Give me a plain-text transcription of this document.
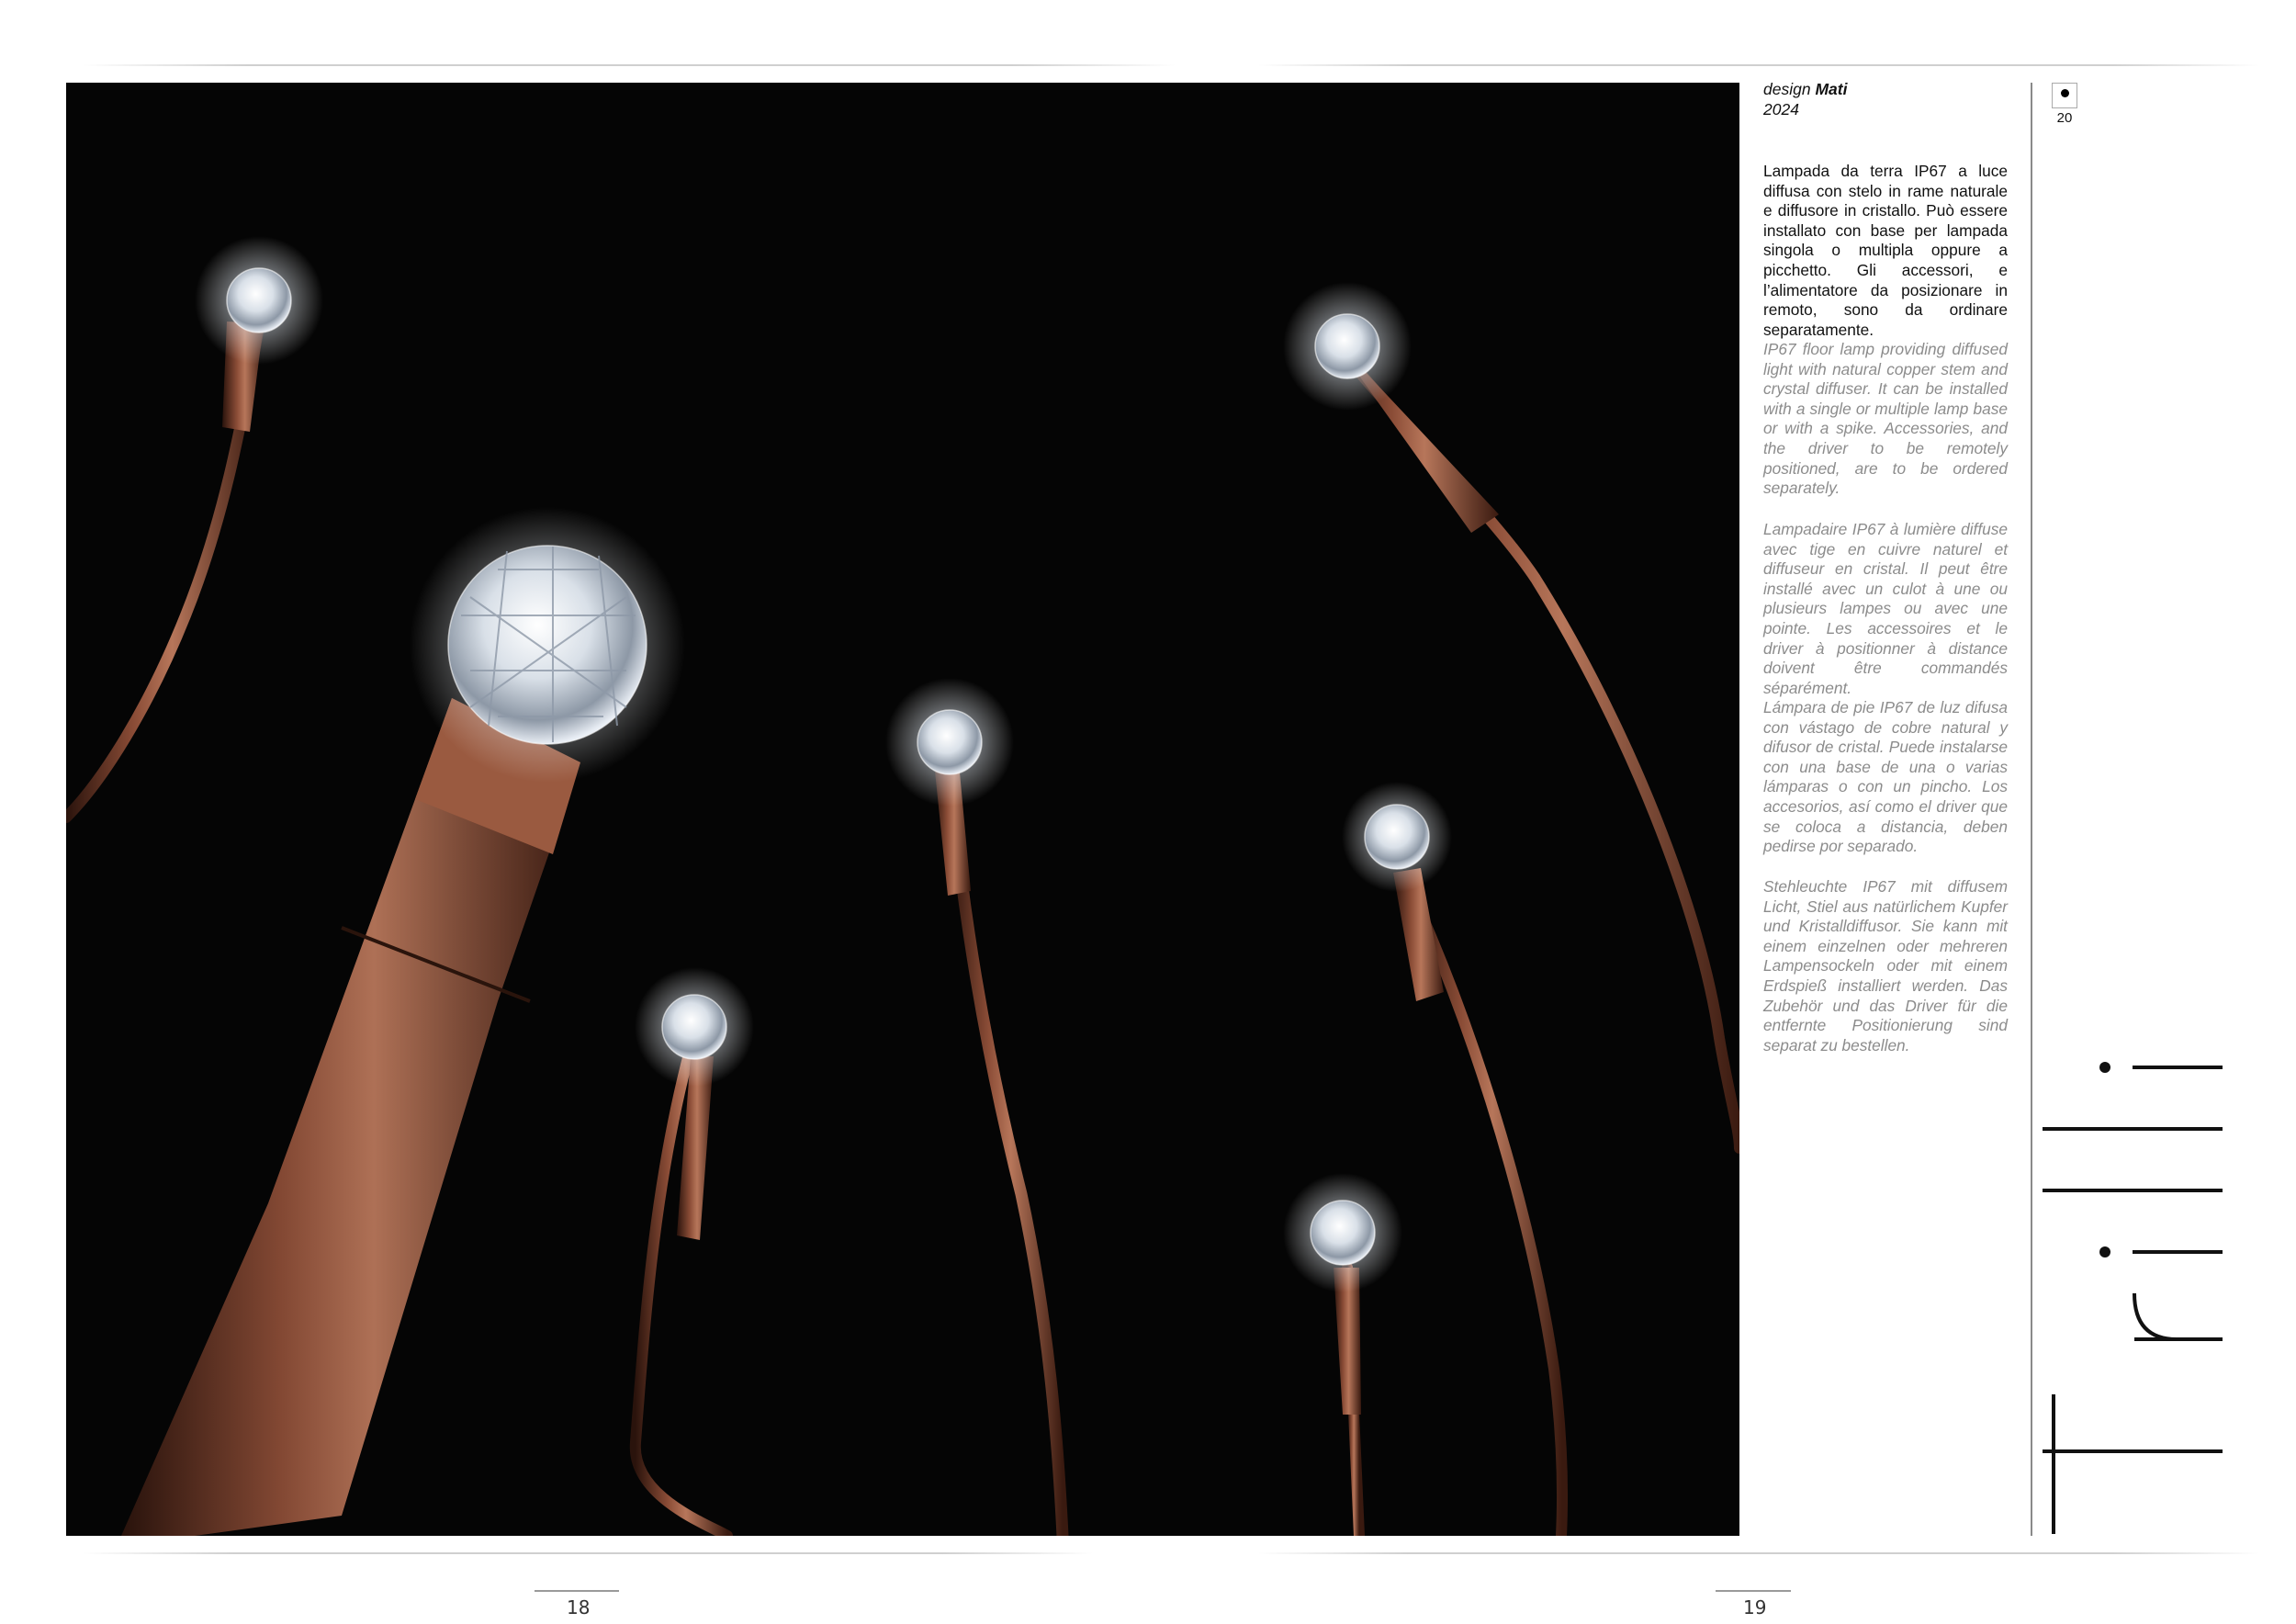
design Mati
2024

Lampada da terra IP67 a luce diffusa con stelo in rame naturale e diffusore in cristallo. Può essere installato con base per lampada singola o multipla oppure a picchetto. Gli accessori, e l’alimentatore da posizionare in remoto, sono da ordinare separatamente.

IP67 floor lamp providing diffused light with natural copper stem and crystal diffuser. It can be installed with a single or multiple lamp base or with a spike. Accessories, and the driver to be remotely positioned, are to be ordered separately.

Lampadaire IP67 à lumière diffuse avec tige en cuivre naturel et diffuseur en cristal. Il peut être installé avec un culot à une ou plusieurs lampes ou avec une pointe. Les accessoires et le driver à positionner à distance doivent être commandés séparément.

Lámpara de pie IP67 de luz difusa con vástago de cobre natural y difusor de cristal. Puede instalarse con una base de una o varias lámparas o con un pincho. Los accesorios, así como el driver que se coloca a distancia, deben pedirse por separado.

Stehleuchte IP67 mit diffusem Licht, Stiel aus natürlichem Kupfer und Kristalldiffusor. Sie kann mit einem einzelnen oder mehreren Lampensockeln oder mit einem Erdspieß installiert werden. Das Zubehör und das Driver für die entfernte Positionierung sind separat zu bestellen.

20
18	19
